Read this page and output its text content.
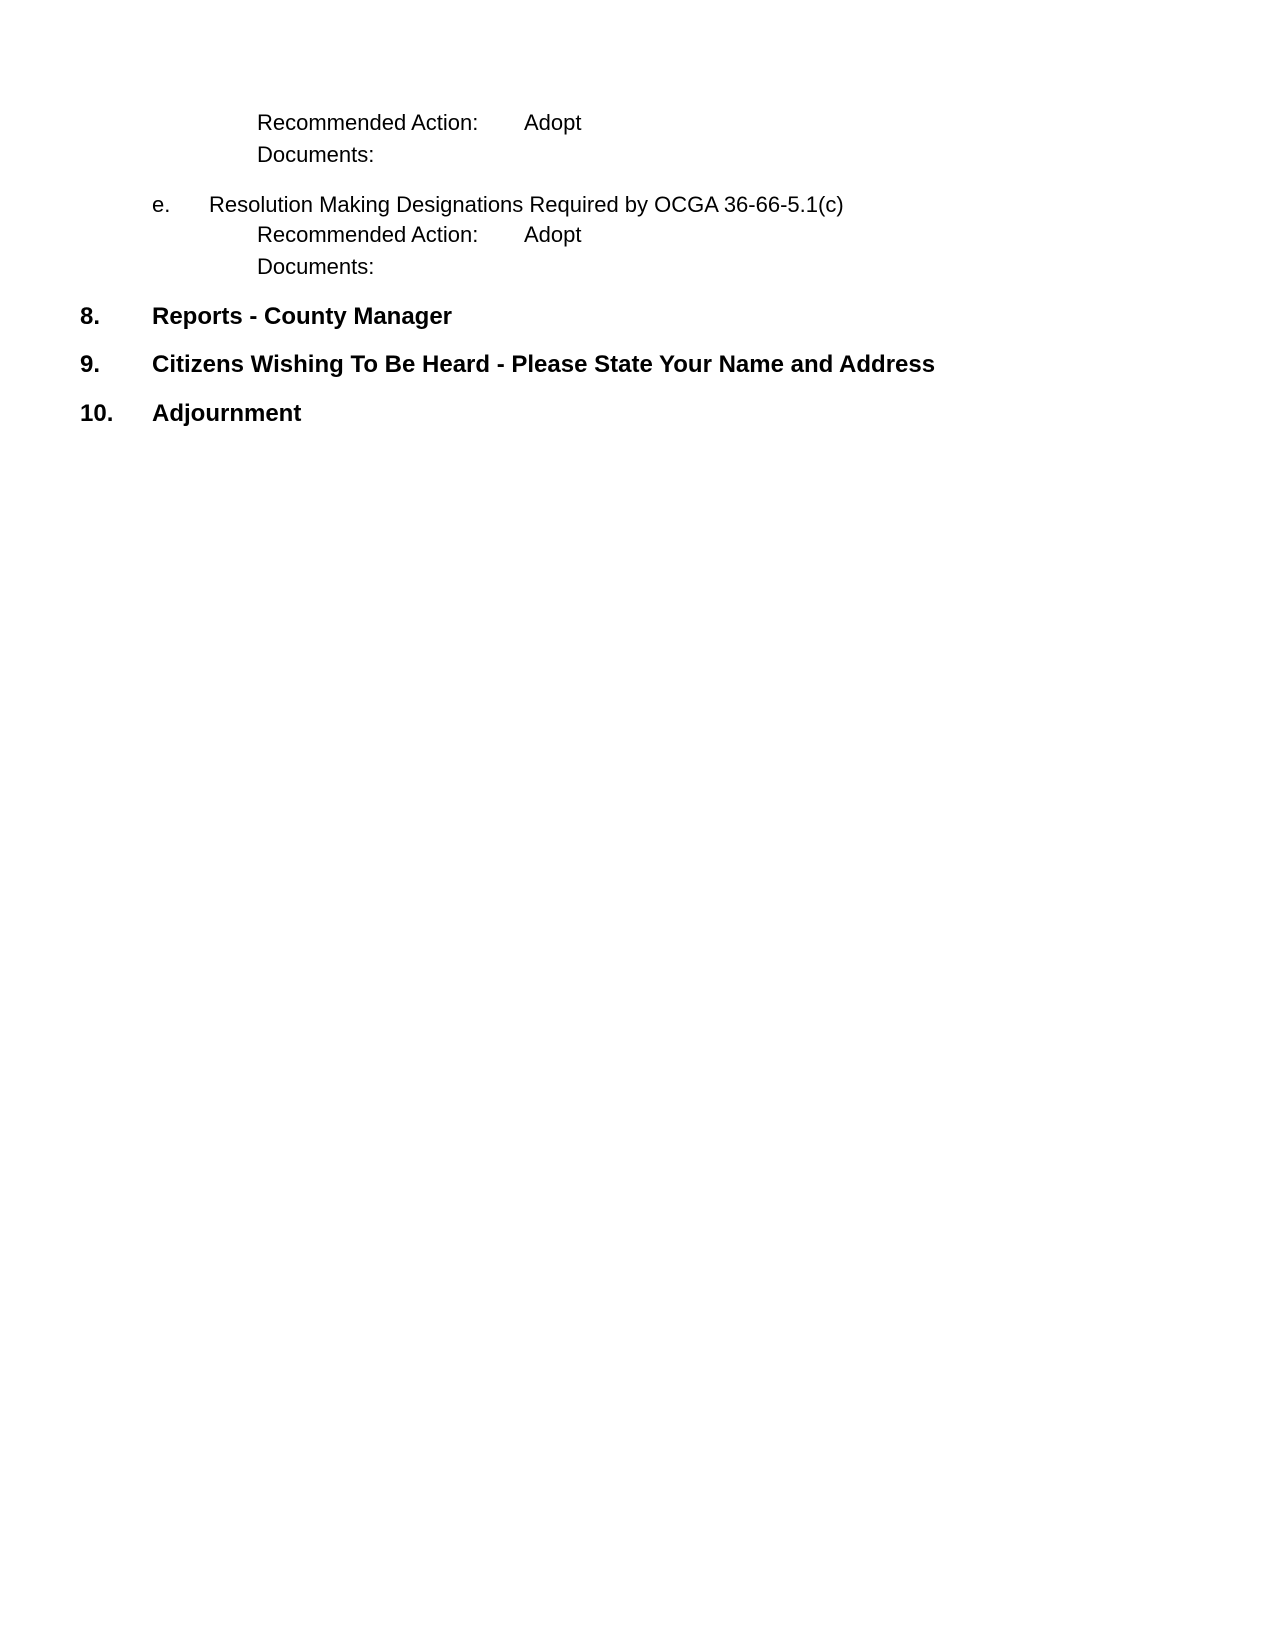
Recommended Action: Adopt
Documents:
e. Resolution Making Designations Required by OCGA 36-66-5.1(c)
Recommended Action: Adopt
Documents:
8. Reports - County Manager
9. Citizens Wishing To Be Heard - Please State Your Name and Address
10. Adjournment
